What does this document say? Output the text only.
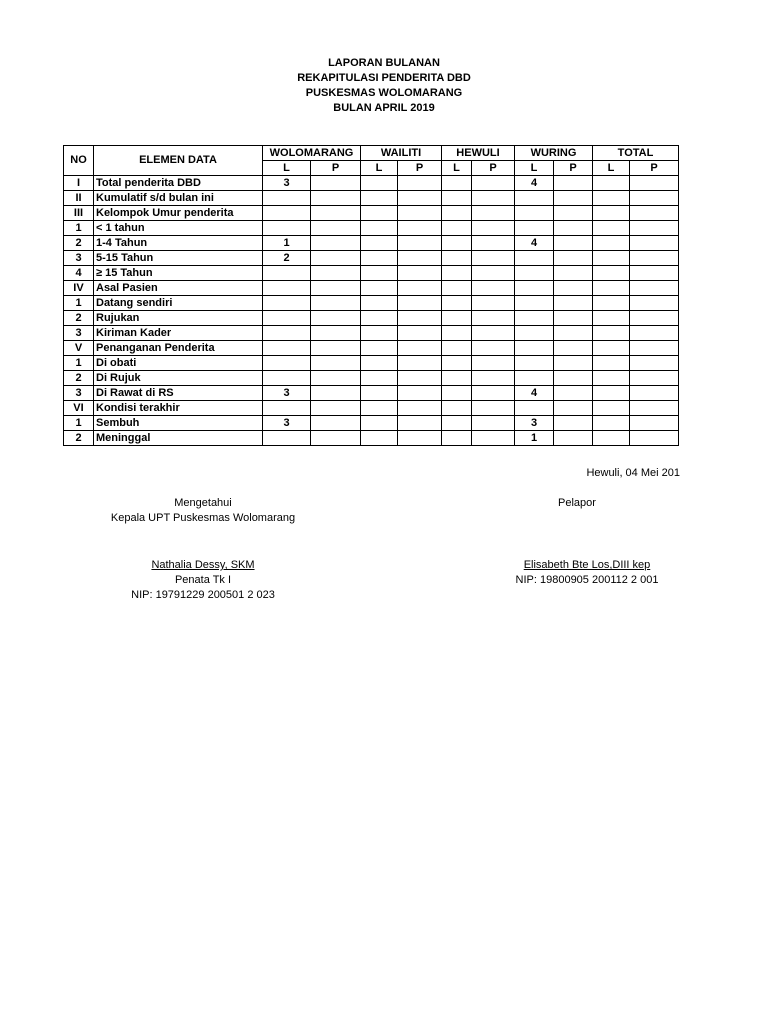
LAPORAN BULANAN
REKAPITULASI PENDERITA DBD
PUSKESMAS WOLOMARANG
BULAN APRIL 2019
NO	ELEMEN DATA	WOLOMARANG		WAILITI		HEWULI		WURING		TOTAL	
		L	P	L	P	L	P	L	P	L	P
I	Total penderita DBD	3						4			
II	Kumulatif s/d bulan ini										
III	Kelompok Umur penderita										
1	< 1 tahun										
2	1-4 Tahun	1						4			
3	5-15 Tahun	2									
4	≥ 15 Tahun										
IV	Asal Pasien										
1	Datang sendiri										
2	Rujukan										
3	Kiriman Kader										
V	Penanganan Penderita										
1	Di obati										
2	Di Rujuk										
3	Di Rawat di RS	3						4			
VI	Kondisi terakhir										
1	Sembuh	3						3			
2	Meninggal							1			
Hewuli, 04 Mei 201
Mengetahui
Kepala UPT Puskesmas Wolomarang
Nathalia Dessy, SKM
Penata Tk I
NIP: 19791229 200501 2 023
Pelapor
Elisabeth Bte Los,DIII kep
NIP: 19800905 200112 2 001
